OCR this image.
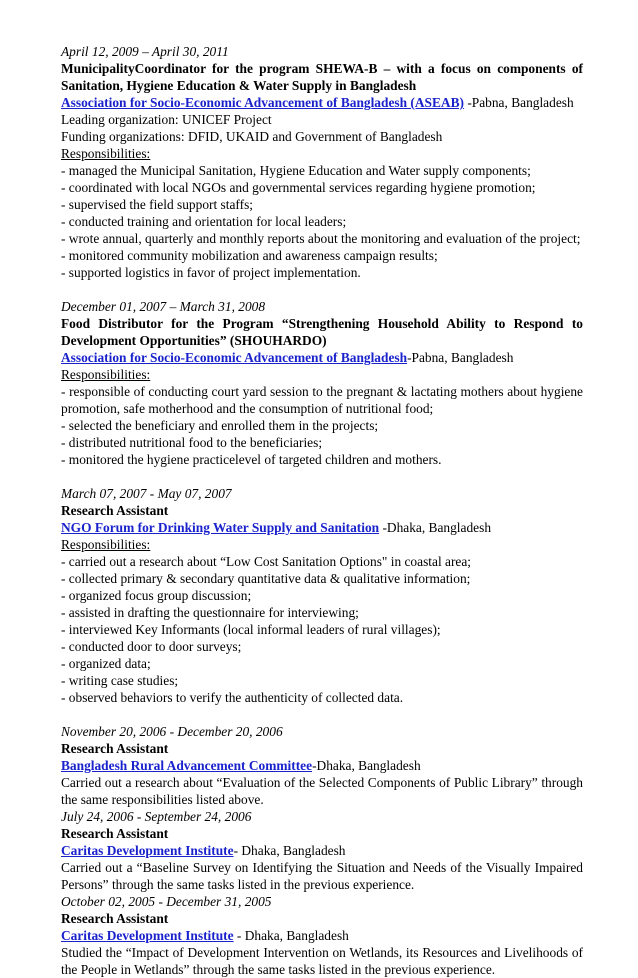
April 12, 2009 – April 30, 2011

MunicipalityCoordinator for the program SHEWA-B – with a focus on components of Sanitation, Hygiene Education & Water Supply in Bangladesh

Association for Socio-Economic Advancement of Bangladesh (ASEAB) -Pabna, Bangladesh

Leading organization: UNICEF Project

Funding organizations: DFID, UKAID and Government of Bangladesh

Responsibilities:

- managed the Municipal Sanitation, Hygiene Education and Water supply components;

- coordinated with local NGOs and governmental services regarding hygiene promotion;

- supervised the field support staffs;

- conducted training and orientation for local leaders;

- wrote annual, quarterly and monthly reports about the monitoring and evaluation of the project;

- monitored community mobilization and awareness campaign results;

- supported logistics in favor of project implementation.

December 01, 2007 – March 31, 2008

Food Distributor for the Program “Strengthening Household Ability to Respond to Development Opportunities” (SHOUHARDO)

Association for Socio-Economic Advancement of Bangladesh-Pabna, Bangladesh

Responsibilities:

- responsible of conducting court yard session to the pregnant & lactating mothers about hygiene promotion, safe motherhood and the consumption of nutritional food;

- selected the beneficiary and enrolled them in the projects;

- distributed nutritional food to the beneficiaries;

- monitored the hygiene practicelevel of targeted children and mothers.

March 07, 2007 - May 07, 2007

Research Assistant

NGO Forum for Drinking Water Supply and Sanitation -Dhaka, Bangladesh

Responsibilities:

- carried out a research about “Low Cost Sanitation Options" in coastal area;

- collected primary & secondary quantitative data & qualitative information;

- organized focus group discussion;

- assisted in drafting the questionnaire for interviewing;

- interviewed Key Informants (local informal leaders of rural villages);

- conducted door to door surveys;

- organized data;

- writing case studies;

- observed behaviors to verify the authenticity of collected data.

November 20, 2006 - December 20, 2006

Research Assistant

Bangladesh Rural Advancement Committee-Dhaka, Bangladesh

Carried out a research about “Evaluation of the Selected Components of Public Library” through the same responsibilities listed above.

July 24, 2006 - September 24, 2006

Research Assistant

Caritas Development Institute- Dhaka, Bangladesh

Carried out a “Baseline Survey on Identifying the Situation and Needs of the Visually Impaired Persons” through the same tasks listed in the previous experience.

October 02, 2005 - December 31, 2005

Research Assistant

Caritas Development Institute - Dhaka, Bangladesh

Studied the “Impact of Development Intervention on Wetlands, its Resources and Livelihoods of the People in Wetlands” through the same tasks listed in the previous experience.
